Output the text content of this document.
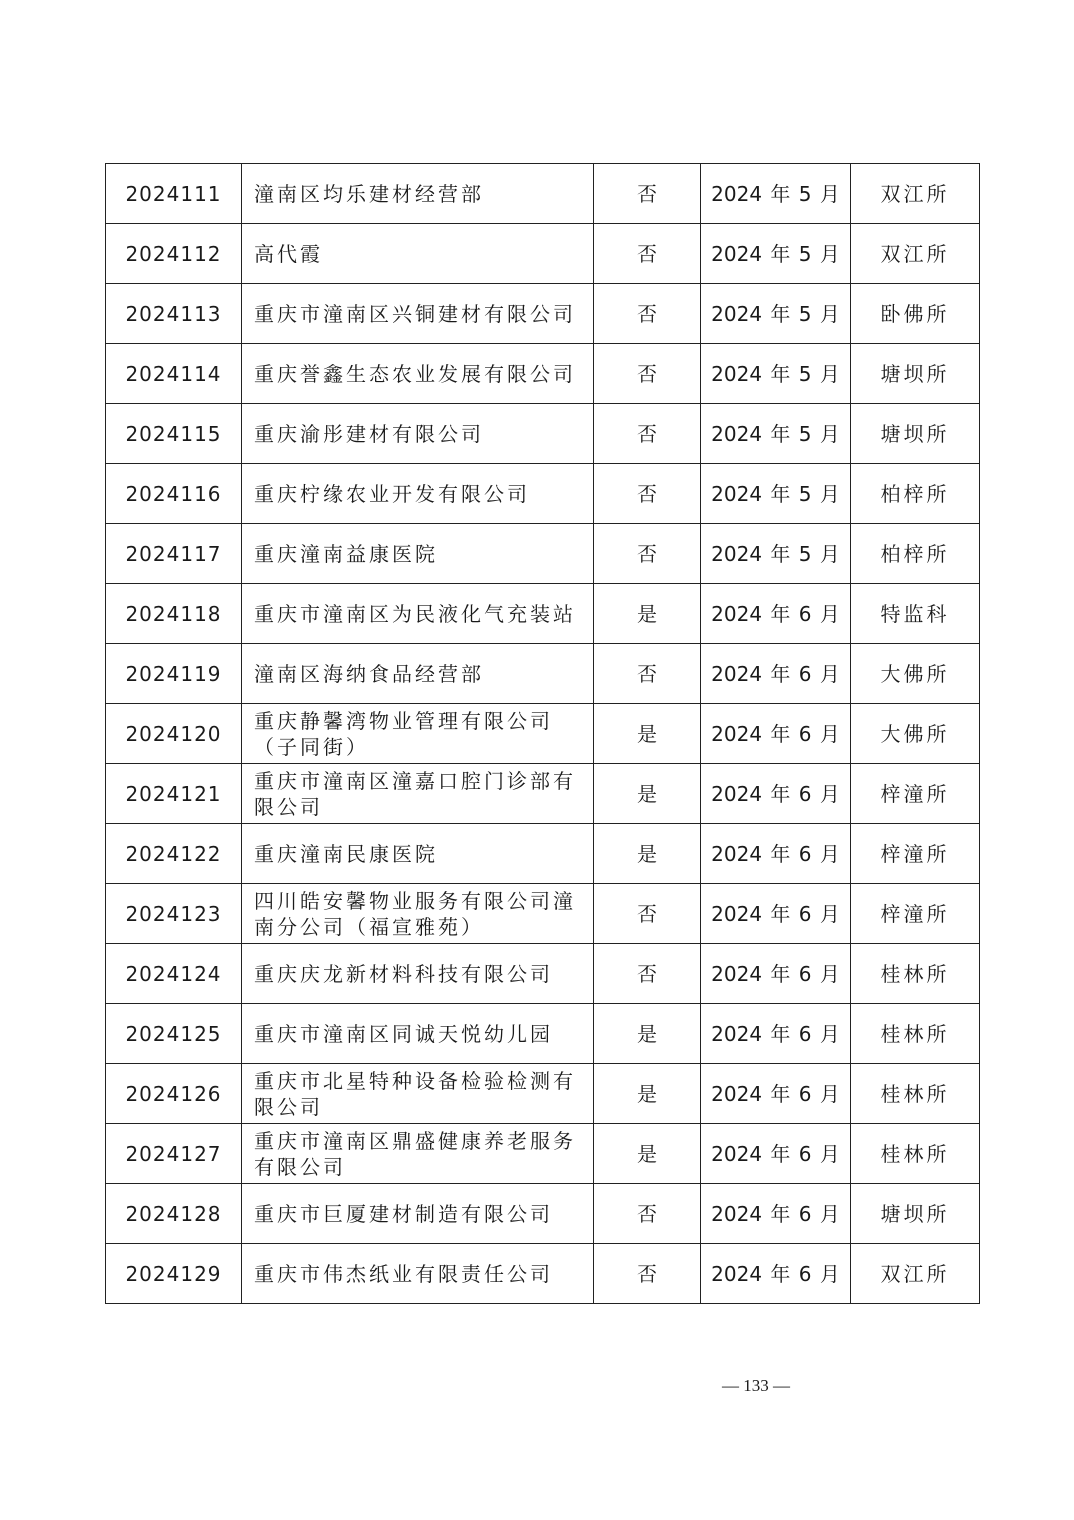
2024111	潼南区均乐建材经营部	否	2024 年 5 月	双江所
2024112	高代霞	否	2024 年 5 月	双江所
2024113	重庆市潼南区兴铜建材有限公司	否	2024 年 5 月	卧佛所
2024114	重庆誉鑫生态农业发展有限公司	否	2024 年 5 月	塘坝所
2024115	重庆渝彤建材有限公司	否	2024 年 5 月	塘坝所
2024116	重庆柠缘农业开发有限公司	否	2024 年 5 月	柏梓所
2024117	重庆潼南益康医院	否	2024 年 5 月	柏梓所
2024118	重庆市潼南区为民液化气充装站	是	2024 年 6 月	特监科
2024119	潼南区海纳食品经营部	否	2024 年 6 月	大佛所
2024120	重庆静馨湾物业管理有限公司（子同街）	是	2024 年 6 月	大佛所
2024121	重庆市潼南区潼嘉口腔门诊部有限公司	是	2024 年 6 月	梓潼所
2024122	重庆潼南民康医院	是	2024 年 6 月	梓潼所
2024123	四川皓安馨物业服务有限公司潼南分公司（福宣雅苑）	否	2024 年 6 月	梓潼所
2024124	重庆庆龙新材料科技有限公司	否	2024 年 6 月	桂林所
2024125	重庆市潼南区同诚天悦幼儿园	是	2024 年 6 月	桂林所
2024126	重庆市北星特种设备检验检测有限公司	是	2024 年 6 月	桂林所
2024127	重庆市潼南区鼎盛健康养老服务有限公司	是	2024 年 6 月	桂林所
2024128	重庆市巨厦建材制造有限公司	否	2024 年 6 月	塘坝所
2024129	重庆市伟杰纸业有限责任公司	否	2024 年 6 月	双江所
— 133 —
